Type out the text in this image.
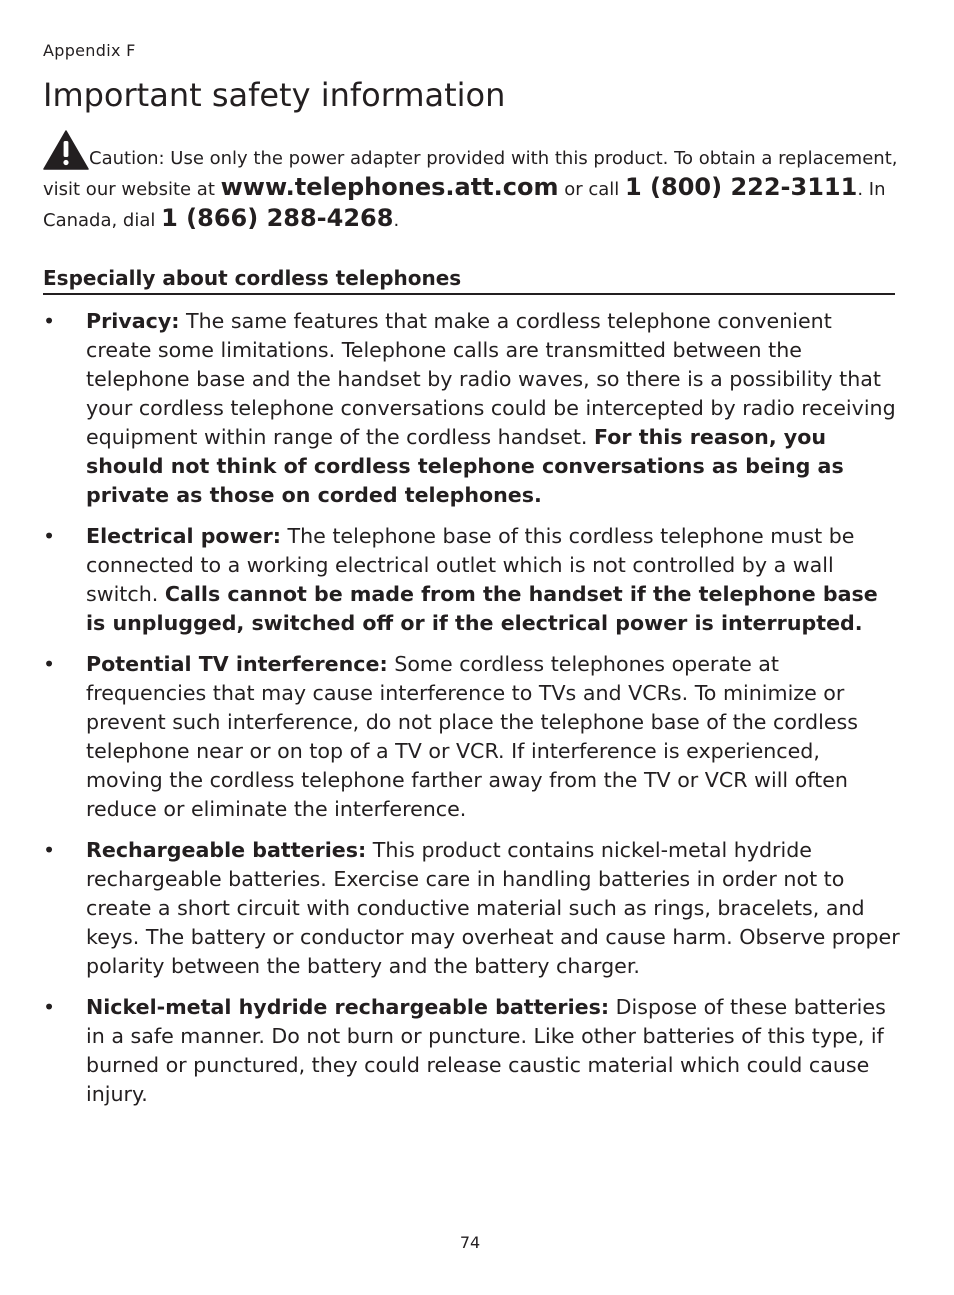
Appendix F
Important safety information
Caution: Use only the power adapter provided with this product. To obtain a replacement, visit our website at www.telephones.att.com or call 1 (800) 222-3111. In Canada, dial 1 (866) 288-4268.
Especially about cordless telephones
• Privacy: The same features that make a cordless telephone convenient create some limitations. Telephone calls are transmitted between the telephone base and the handset by radio waves, so there is a possibility that your cordless telephone conversations could be intercepted by radio receiving equipment within range of the cordless handset. For this reason, you should not think of cordless telephone conversations as being as private as those on corded telephones.
• Electrical power: The telephone base of this cordless telephone must be connected to a working electrical outlet which is not controlled by a wall switch. Calls cannot be made from the handset if the telephone base is unplugged, switched off or if the electrical power is interrupted.
• Potential TV interference: Some cordless telephones operate at frequencies that may cause interference to TVs and VCRs. To minimize or prevent such interference, do not place the telephone base of the cordless telephone near or on top of a TV or VCR. If interference is experienced, moving the cordless telephone farther away from the TV or VCR will often reduce or eliminate the interference.
• Rechargeable batteries: This product contains nickel-metal hydride rechargeable batteries. Exercise care in handling batteries in order not to create a short circuit with conductive material such as rings, bracelets, and keys. The battery or conductor may overheat and cause harm. Observe proper polarity between the battery and the battery charger.
• Nickel-metal hydride rechargeable batteries: Dispose of these batteries in a safe manner. Do not burn or puncture. Like other batteries of this type, if burned or punctured, they could release caustic material which could cause injury.
74
